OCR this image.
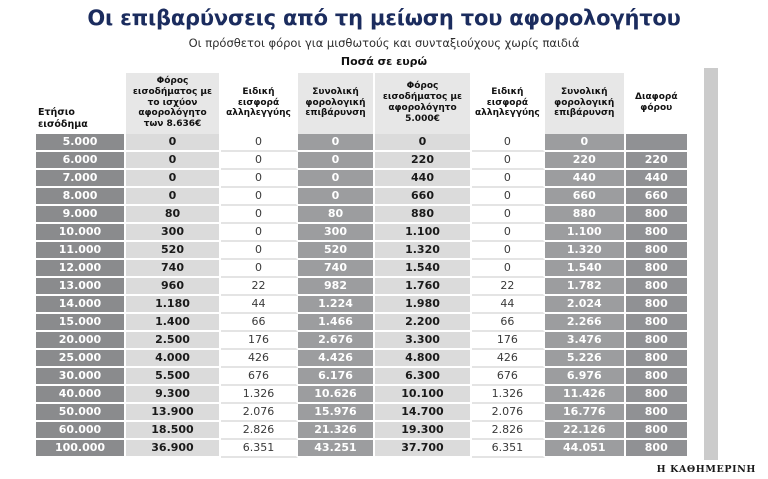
Οι επιβαρύνσεις από τη μείωση του αφορολογήτου
Οι πρόσθετοι φόροι για μισθωτούς και συνταξιούχους χωρίς παιδιά
Ποσά σε ευρώ
Ετήσιο εισόδημα	Φόρος εισοδήματος με το ισχύον αφορολόγητο των 8.636€	Ειδική εισφορά αλληλεγγύης	Συνολική φορολογική επιβάρυνση	Φόρος εισοδήματος με αφορολόγητο 5.000€	Ειδική εισφορά αλληλεγγύης	Συνολική φορολογική επιβάρυνση	Διαφορά φόρου
5.000	0	0	0	0	0	0	
6.000	0	0	0	220	0	220	220
7.000	0	0	0	440	0	440	440
8.000	0	0	0	660	0	660	660
9.000	80	0	80	880	0	880	800
10.000	300	0	300	1.100	0	1.100	800
11.000	520	0	520	1.320	0	1.320	800
12.000	740	0	740	1.540	0	1.540	800
13.000	960	22	982	1.760	22	1.782	800
14.000	1.180	44	1.224	1.980	44	2.024	800
15.000	1.400	66	1.466	2.200	66	2.266	800
20.000	2.500	176	2.676	3.300	176	3.476	800
25.000	4.000	426	4.426	4.800	426	5.226	800
30.000	5.500	676	6.176	6.300	676	6.976	800
40.000	9.300	1.326	10.626	10.100	1.326	11.426	800
50.000	13.900	2.076	15.976	14.700	2.076	16.776	800
60.000	18.500	2.826	21.326	19.300	2.826	22.126	800
100.000	36.900	6.351	43.251	37.700	6.351	44.051	800
Η ΚΑΘΗΜΕΡΙΝΗ
